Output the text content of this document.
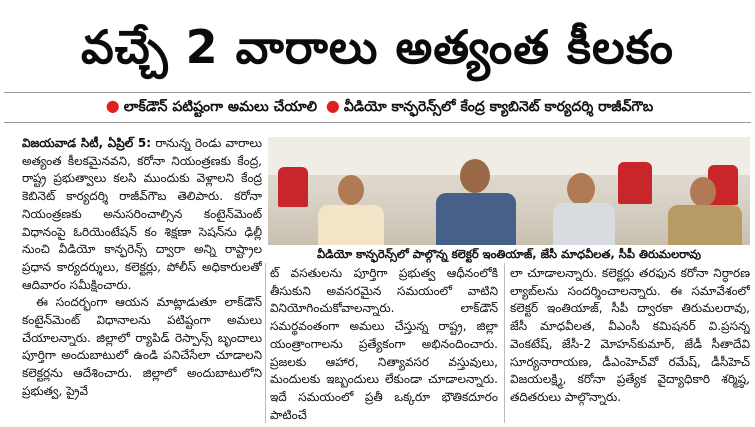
వచ్చే 2 వారాలు అత్యంత కీలకం
● లాక్‌డౌన్ పటిష్టంగా అమలు చేయాలి ● వీడియో కాన్ఫరెన్స్‌లో కేంద్ర క్యాబినెట్ కార్యదర్శి రాజీవ్‌గౌబ

విజయవాడ సిటీ, ఏప్రిల్ 5: రానున్న రెండు వారాలు అత్యంత కీలకమైనవని, కరోనా నియంత్రణకు కేంద్ర, రాష్ట్ర ప్రభుత్వాలు కలసి ముందుకు వెళ్లాలని కేంద్ర కెబినెట్ కార్యదర్శి రాజీవ్‌గౌబ తెలిపారు. కరోనా నియంత్రణకు అనుసరించాల్సిన కంటైన్‌మెంట్ విధానంపై ఓరియెంటేషన్ కం శిక్షణా సెషన్‌ను ఢిల్లీ నుంచి వీడియో కాన్ఫరెన్స్ ద్వారా అన్ని రాష్ట్రాల ప్రధాన కార్యదర్శులు, కలెక్టర్లు, పోలీస్ అధికారులతో ఆదివారం సమీక్షించారు.

ఈ సందర్భంగా ఆయన మాట్లాడుతూ లాక్‌డౌన్ కంటైన్‌మెంట్ విధానాలను పటిష్టంగా అమలు చేయాలన్నారు. జిల్లాలో ర్యాపిడ్ రెస్పాన్స్ బృందాలు పూర్తిగా అందుబాటులో ఉండి పనిచేసేలా చూడాలని కలెక్టర్లను ఆదేశించారు. జిల్లాలో అందుబాటులోని ప్రభుత్వ, ప్రైవే

వీడియో కాన్ఫరెన్స్‌లో పాల్గొన్న కలెక్టర్ ఇంతియాజ్, జేసీ మాధవీలత, సీపీ తిరుమలరావు

ట్ వసతులను పూర్తిగా ప్రభుత్వ ఆధీనంలోకి తీసుకుని అవసరమైన సమయంలో వాటిని వినియోగించుకోవాలన్నారు. లాక్‌డౌన్ సమర్థవంతంగా అమలు చేస్తున్న రాష్ట్ర, జిల్లా యంత్రాంగాలను ప్రత్యేకంగా అభినందించారు. ప్రజలకు ఆహార, నిత్యావసర వస్తువులు, మందులకు ఇబ్బందులు లేకుండా చూడాలన్నారు. ఇదే సమయంలో ప్రతీ ఒక్కరూ భౌతికదూరం పాటించే

లా చూడాలన్నారు. కలెక్టర్లు తరఫున కరోనా నిర్ధారణ ల్యాబ్‌లను సందర్శించాలన్నారు. ఈ సమావేశంలో కలెక్టర్ ఇంతియాజ్, సీపీ ద్వారకా తిరుమలరావు, జేసీ మాధవీలత, వీఎంసీ కమిషనర్ వి.ప్రసన్న వెంకటేష్, జేసీ-2 మోహన్‌కుమార్, జేడీ సీతాదేవి సూర్యనారాయణ, డీఎంహెచ్‌వో రమేష్, డీసీహెచ్ విజయలక్ష్మి, కరోనా ప్రత్యేక వైద్యాధికారి శర్మిష్ఠ, తదితరులు పాల్గొన్నారు.
